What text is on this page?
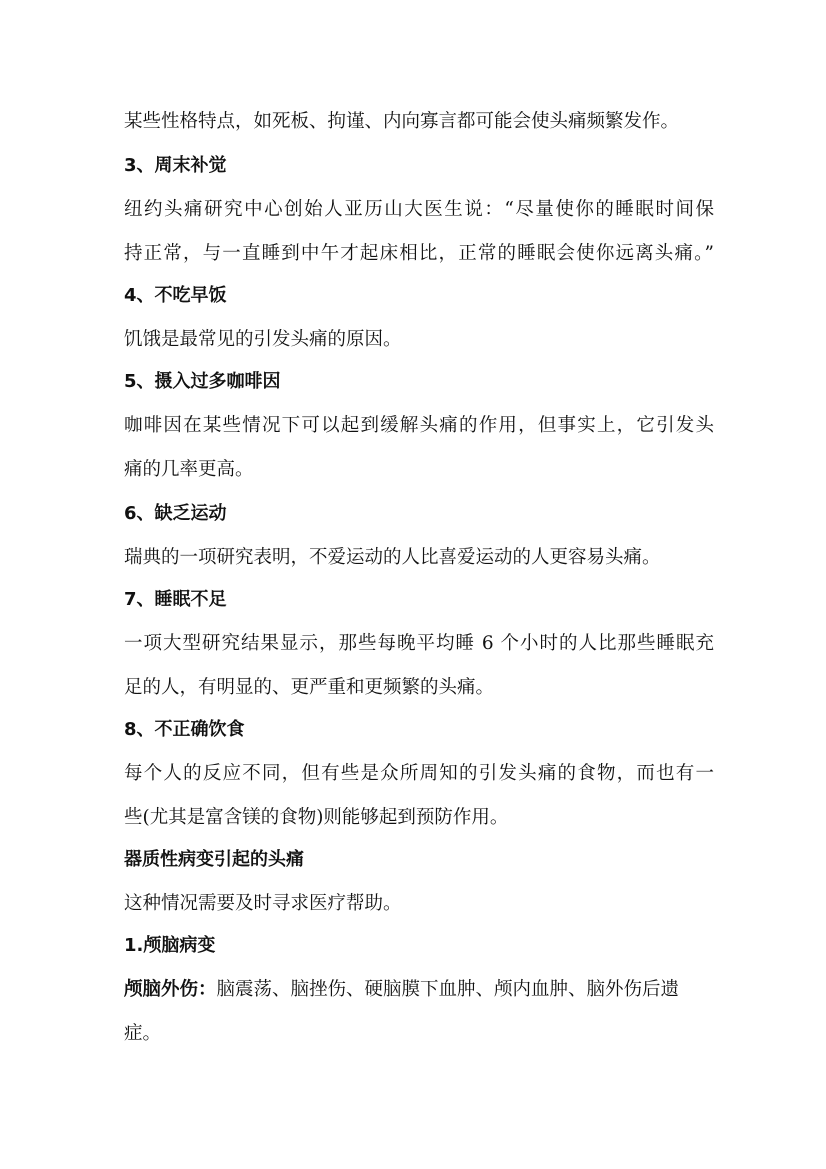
某些性格特点，如死板、拘谨、内向寡言都可能会使头痛频繁发作。
3、周末补觉
纽约头痛研究中心创始人亚历山大医生说：“尽量使你的睡眠时间保
持正常，与一直睡到中午才起床相比，正常的睡眠会使你远离头痛。”
4、不吃早饭
饥饿是最常见的引发头痛的原因。
5、摄入过多咖啡因
咖啡因在某些情况下可以起到缓解头痛的作用，但事实上，它引发头
痛的几率更高。
6、缺乏运动
瑞典的一项研究表明，不爱运动的人比喜爱运动的人更容易头痛。
7、睡眠不足
一项大型研究结果显示，那些每晚平均睡 6 个小时的人比那些睡眠充
足的人，有明显的、更严重和更频繁的头痛。
8、不正确饮食
每个人的反应不同，但有些是众所周知的引发头痛的食物，而也有一
些(尤其是富含镁的食物)则能够起到预防作用。
器质性病变引起的头痛
这种情况需要及时寻求医疗帮助。
1.颅脑病变
颅脑外伤：脑震荡、脑挫伤、硬脑膜下血肿、颅内血肿、脑外伤后遗
症。
